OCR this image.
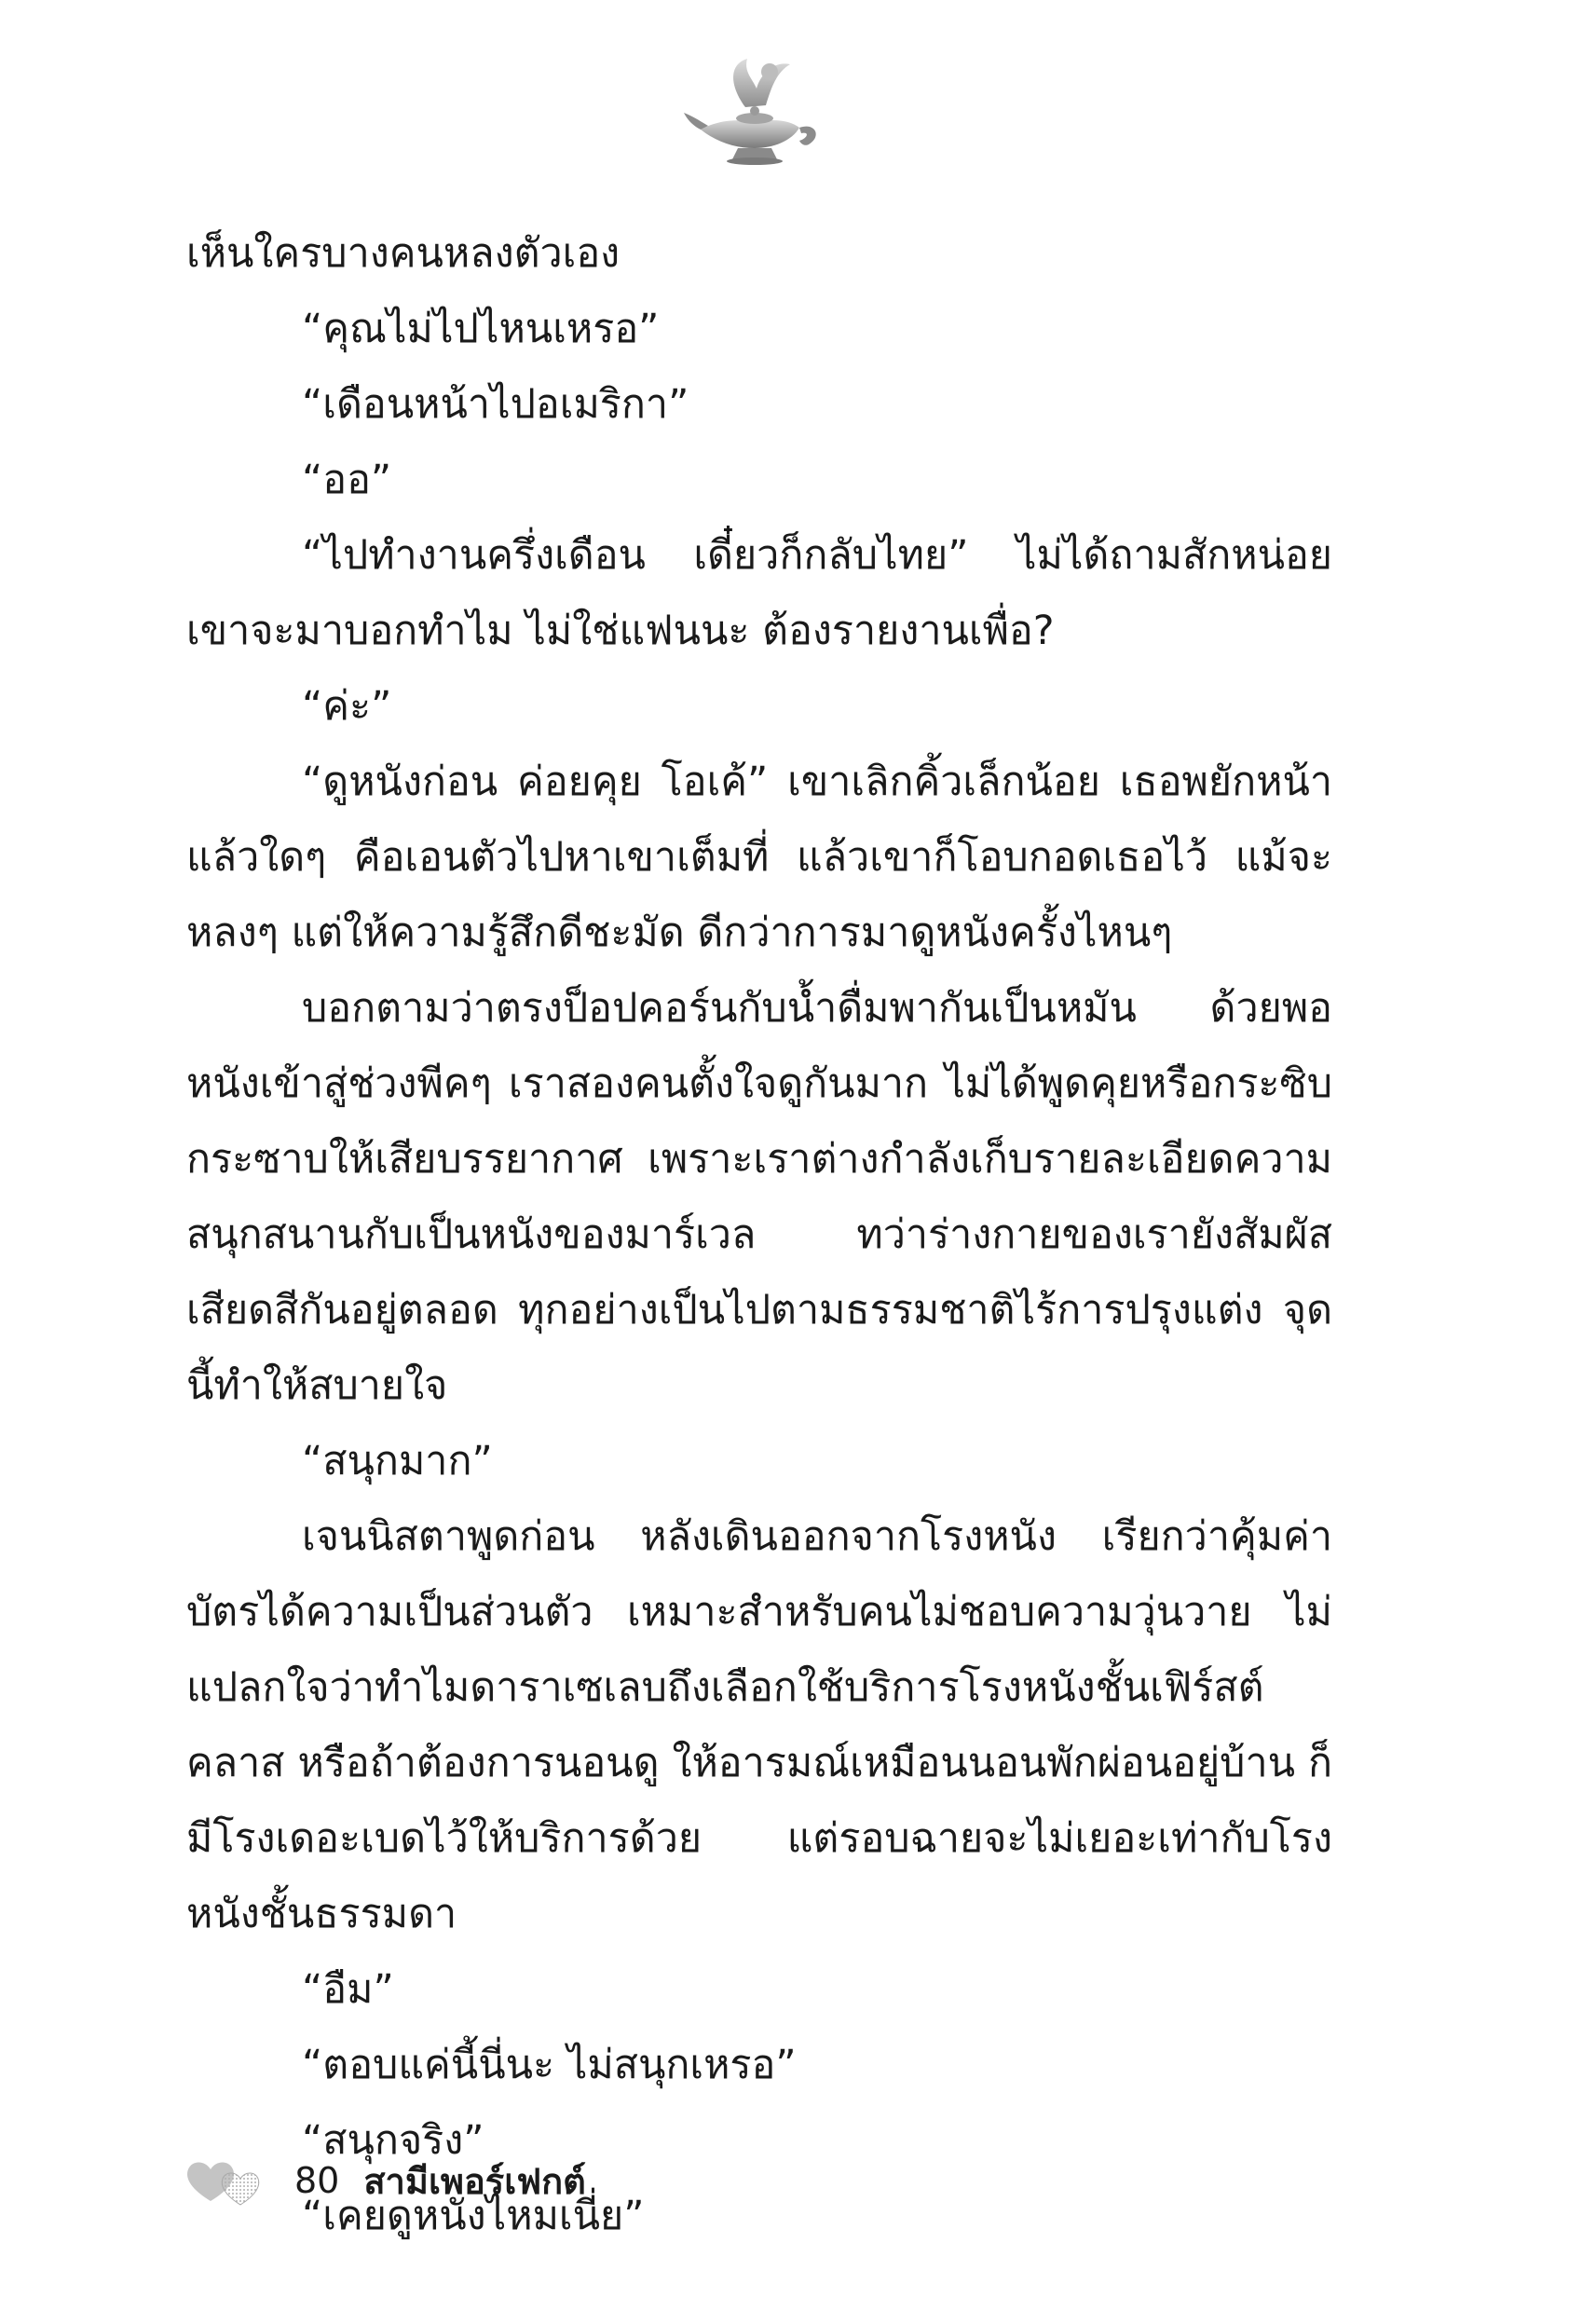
เห็นใครบางคนหลงตัวเอง

“คุณไม่ไปไหนเหรอ”

“เดือนหน้าไปอเมริกา”

“ออ”

“ไปทำงานครึ่งเดือน เดี๋ยวก็กลับไทย” ไม่ได้ถามสักหน่อย เขาจะมาบอกทำไม ไม่ใช่แฟนนะ ต้องรายงานเพื่อ?

“ค่ะ”

“ดูหนังก่อน ค่อยคุย โอเค้” เขาเลิกคิ้วเล็กน้อย เธอพยักหน้าแล้วใดๆ คือเอนตัวไปหาเขาเต็มที่ แล้วเขาก็โอบกอดเธอไว้ แม้จะหลงๆ แต่ให้ความรู้สึกดีชะมัด ดีกว่าการมาดูหนังครั้งไหนๆ

บอกตามว่าตรงป็อปคอร์นกับน้ำดื่มพากันเป็นหมัน ด้วยพอหนังเข้าสู่ช่วงพีคๆ เราสองคนตั้งใจดูกันมาก ไม่ได้พูดคุยหรือกระซิบกระซาบให้เสียบรรยากาศ เพราะเราต่างกำลังเก็บรายละเอียดความสนุกสนานกับเป็นหนังของมาร์เวล ทว่าร่างกายของเรายังสัมผัสเสียดสีกันอยู่ตลอด ทุกอย่างเป็นไปตามธรรมชาติไร้การปรุงแต่ง จุดนี้ทำให้สบายใจ

“สนุกมาก”

เจนนิสตาพูดก่อน หลังเดินออกจากโรงหนัง เรียกว่าคุ้มค่าบัตรได้ความเป็นส่วนตัว เหมาะสำหรับคนไม่ชอบความวุ่นวาย ไม่แปลกใจว่าทำไมดาราเซเลบถึงเลือกใช้บริการโรงหนังชั้นเฟิร์สต์คลาส หรือถ้าต้องการนอนดู ให้อารมณ์เหมือนนอนพักผ่อนอยู่บ้าน ก็มีโรงเดอะเบดไว้ให้บริการด้วย แต่รอบฉายจะไม่เยอะเท่ากับโรงหนังชั้นธรรมดา

“อืม”

“ตอบแค่นี้นี่นะ ไม่สนุกเหรอ”

“สนุกจริง”

“เคยดูหนังไหมเนี่ย”

80 สามีเพอร์เฟกต์
